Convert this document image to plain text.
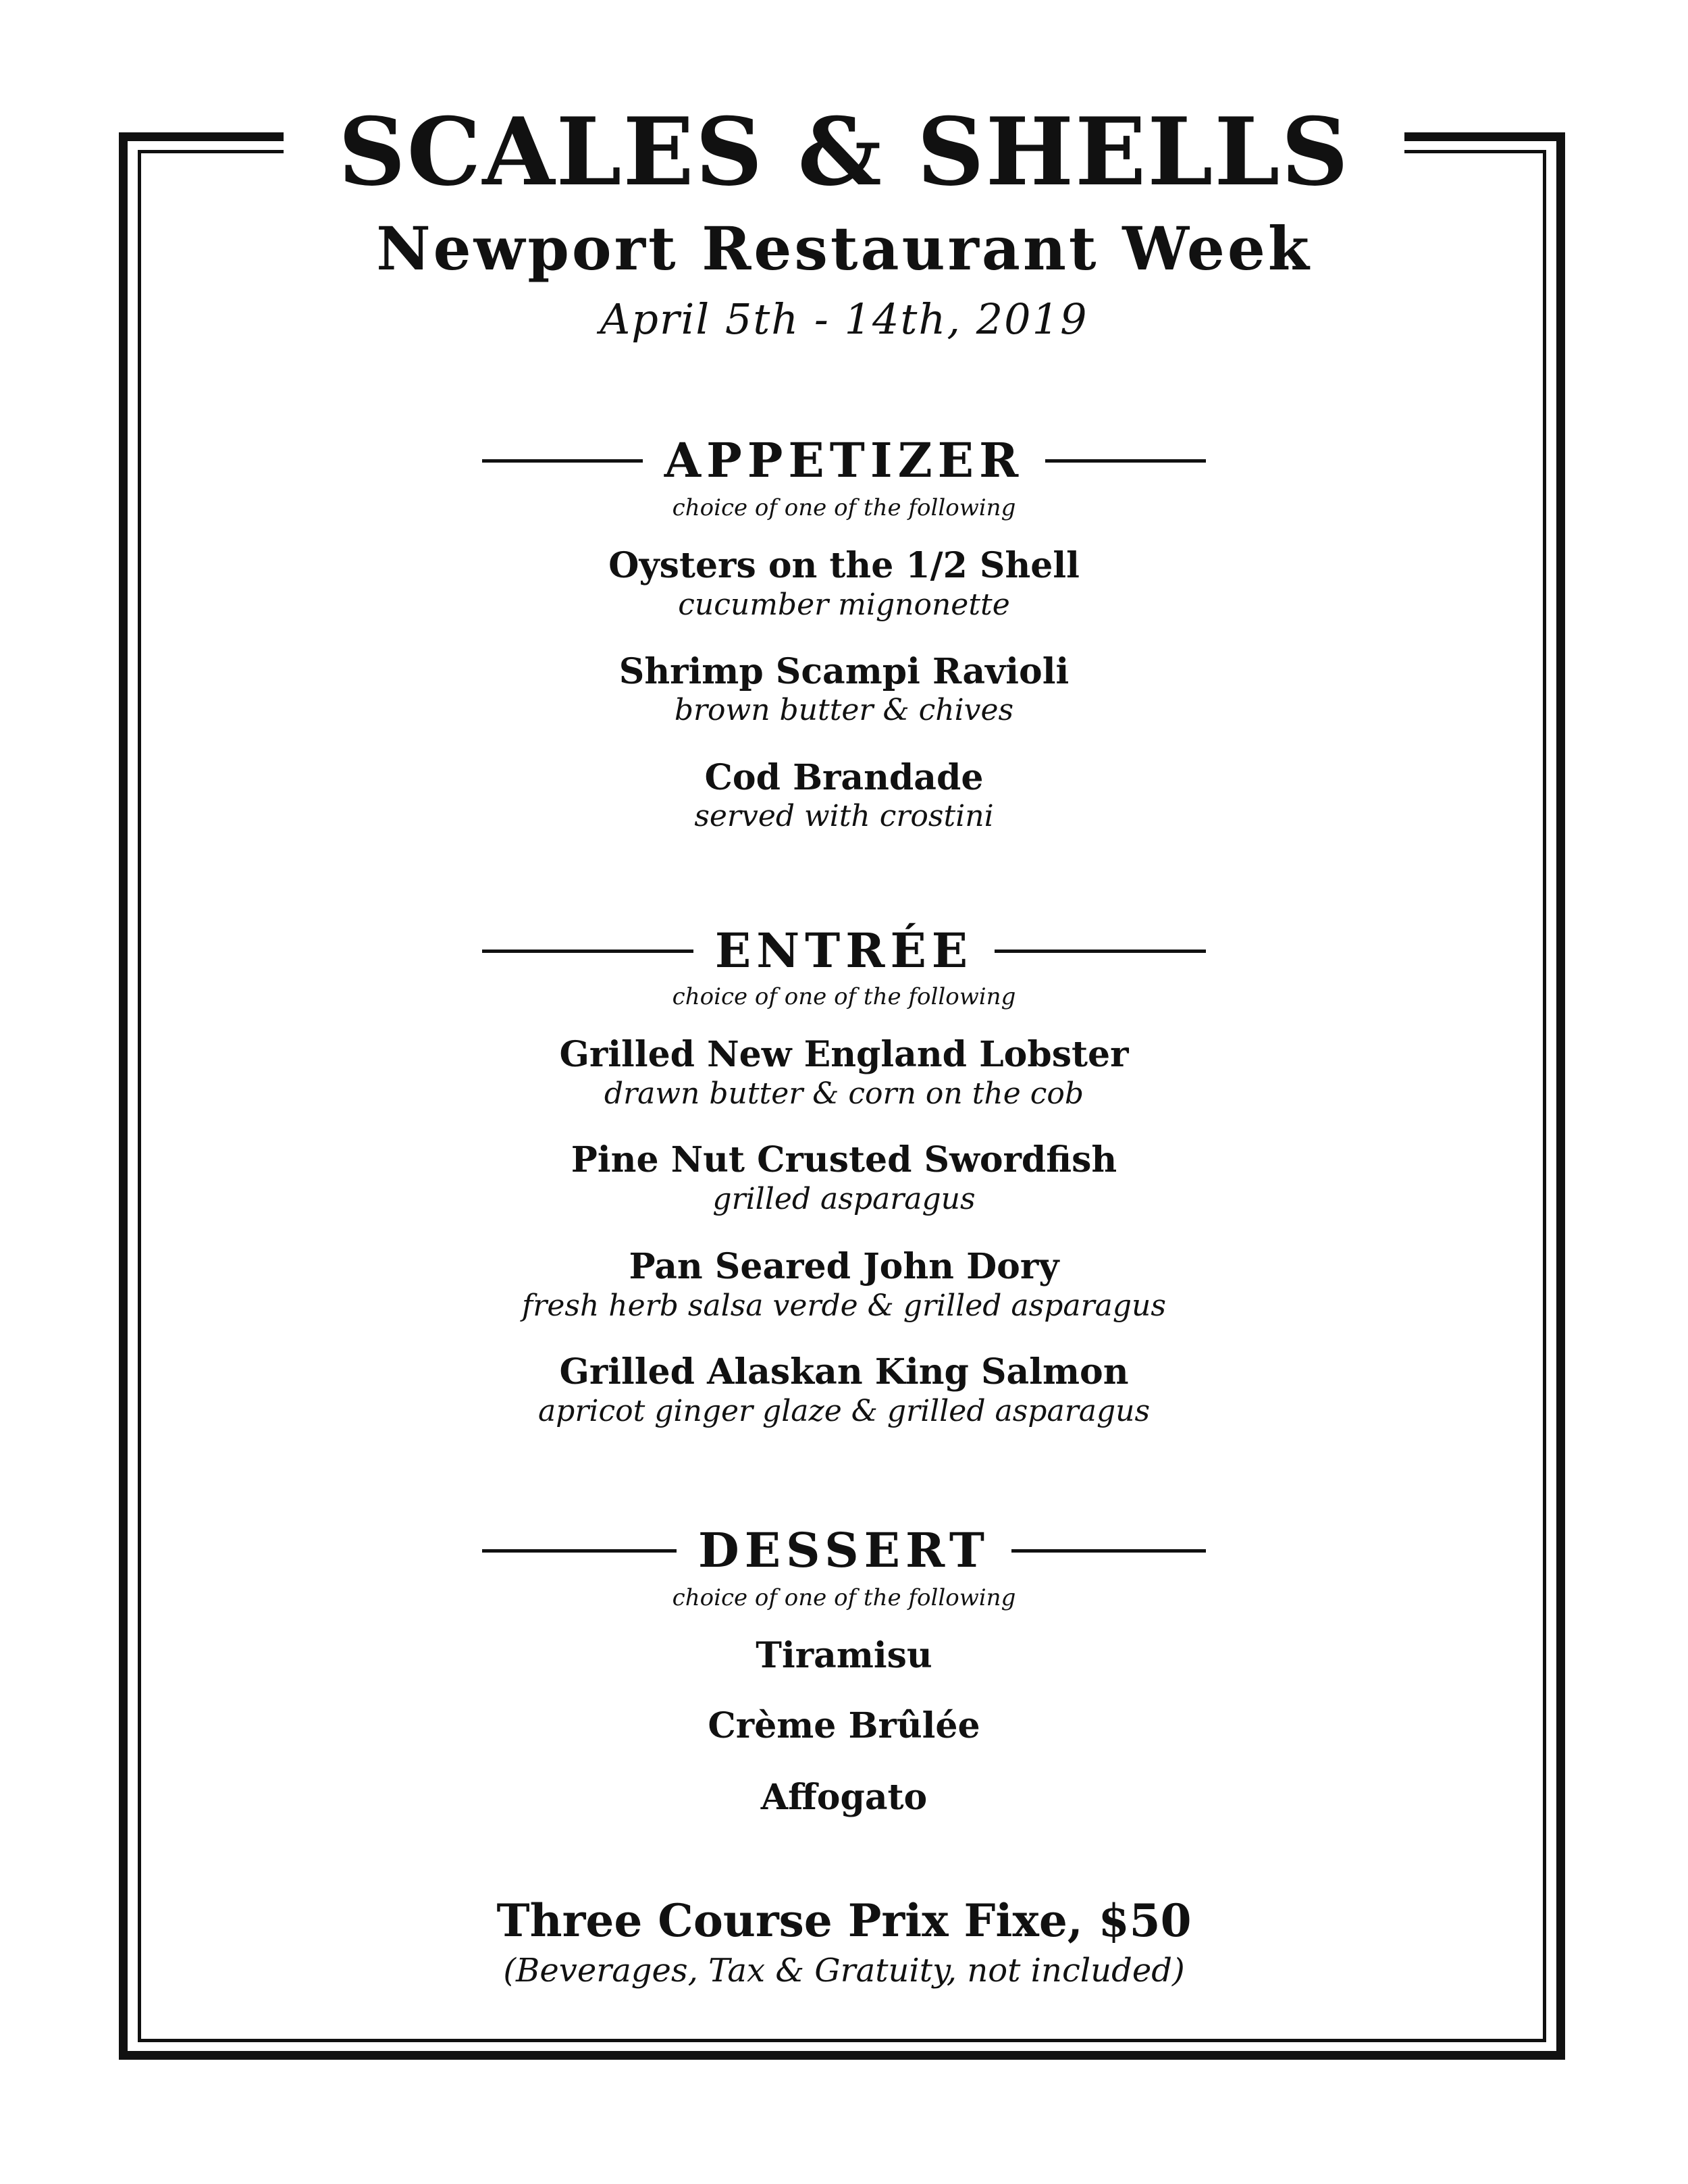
SCALES & SHELLS
Newport Restaurant Week
April 5th - 14th, 2019
APPETIZER
choice of one of the following
Oysters on the 1/2 Shell
cucumber mignonette
Shrimp Scampi Ravioli
brown butter & chives
Cod Brandade
served with crostini
ENTRÉE
choice of one of the following
Grilled New England Lobster
drawn butter & corn on the cob
Pine Nut Crusted Swordfish
grilled asparagus
Pan Seared John Dory
fresh herb salsa verde & grilled asparagus
Grilled Alaskan King Salmon
apricot ginger glaze & grilled asparagus
DESSERT
choice of one of the following
Tiramisu
Crème Brûlée
Affogato
Three Course Prix Fixe, $50
(Beverages, Tax & Gratuity, not included)
